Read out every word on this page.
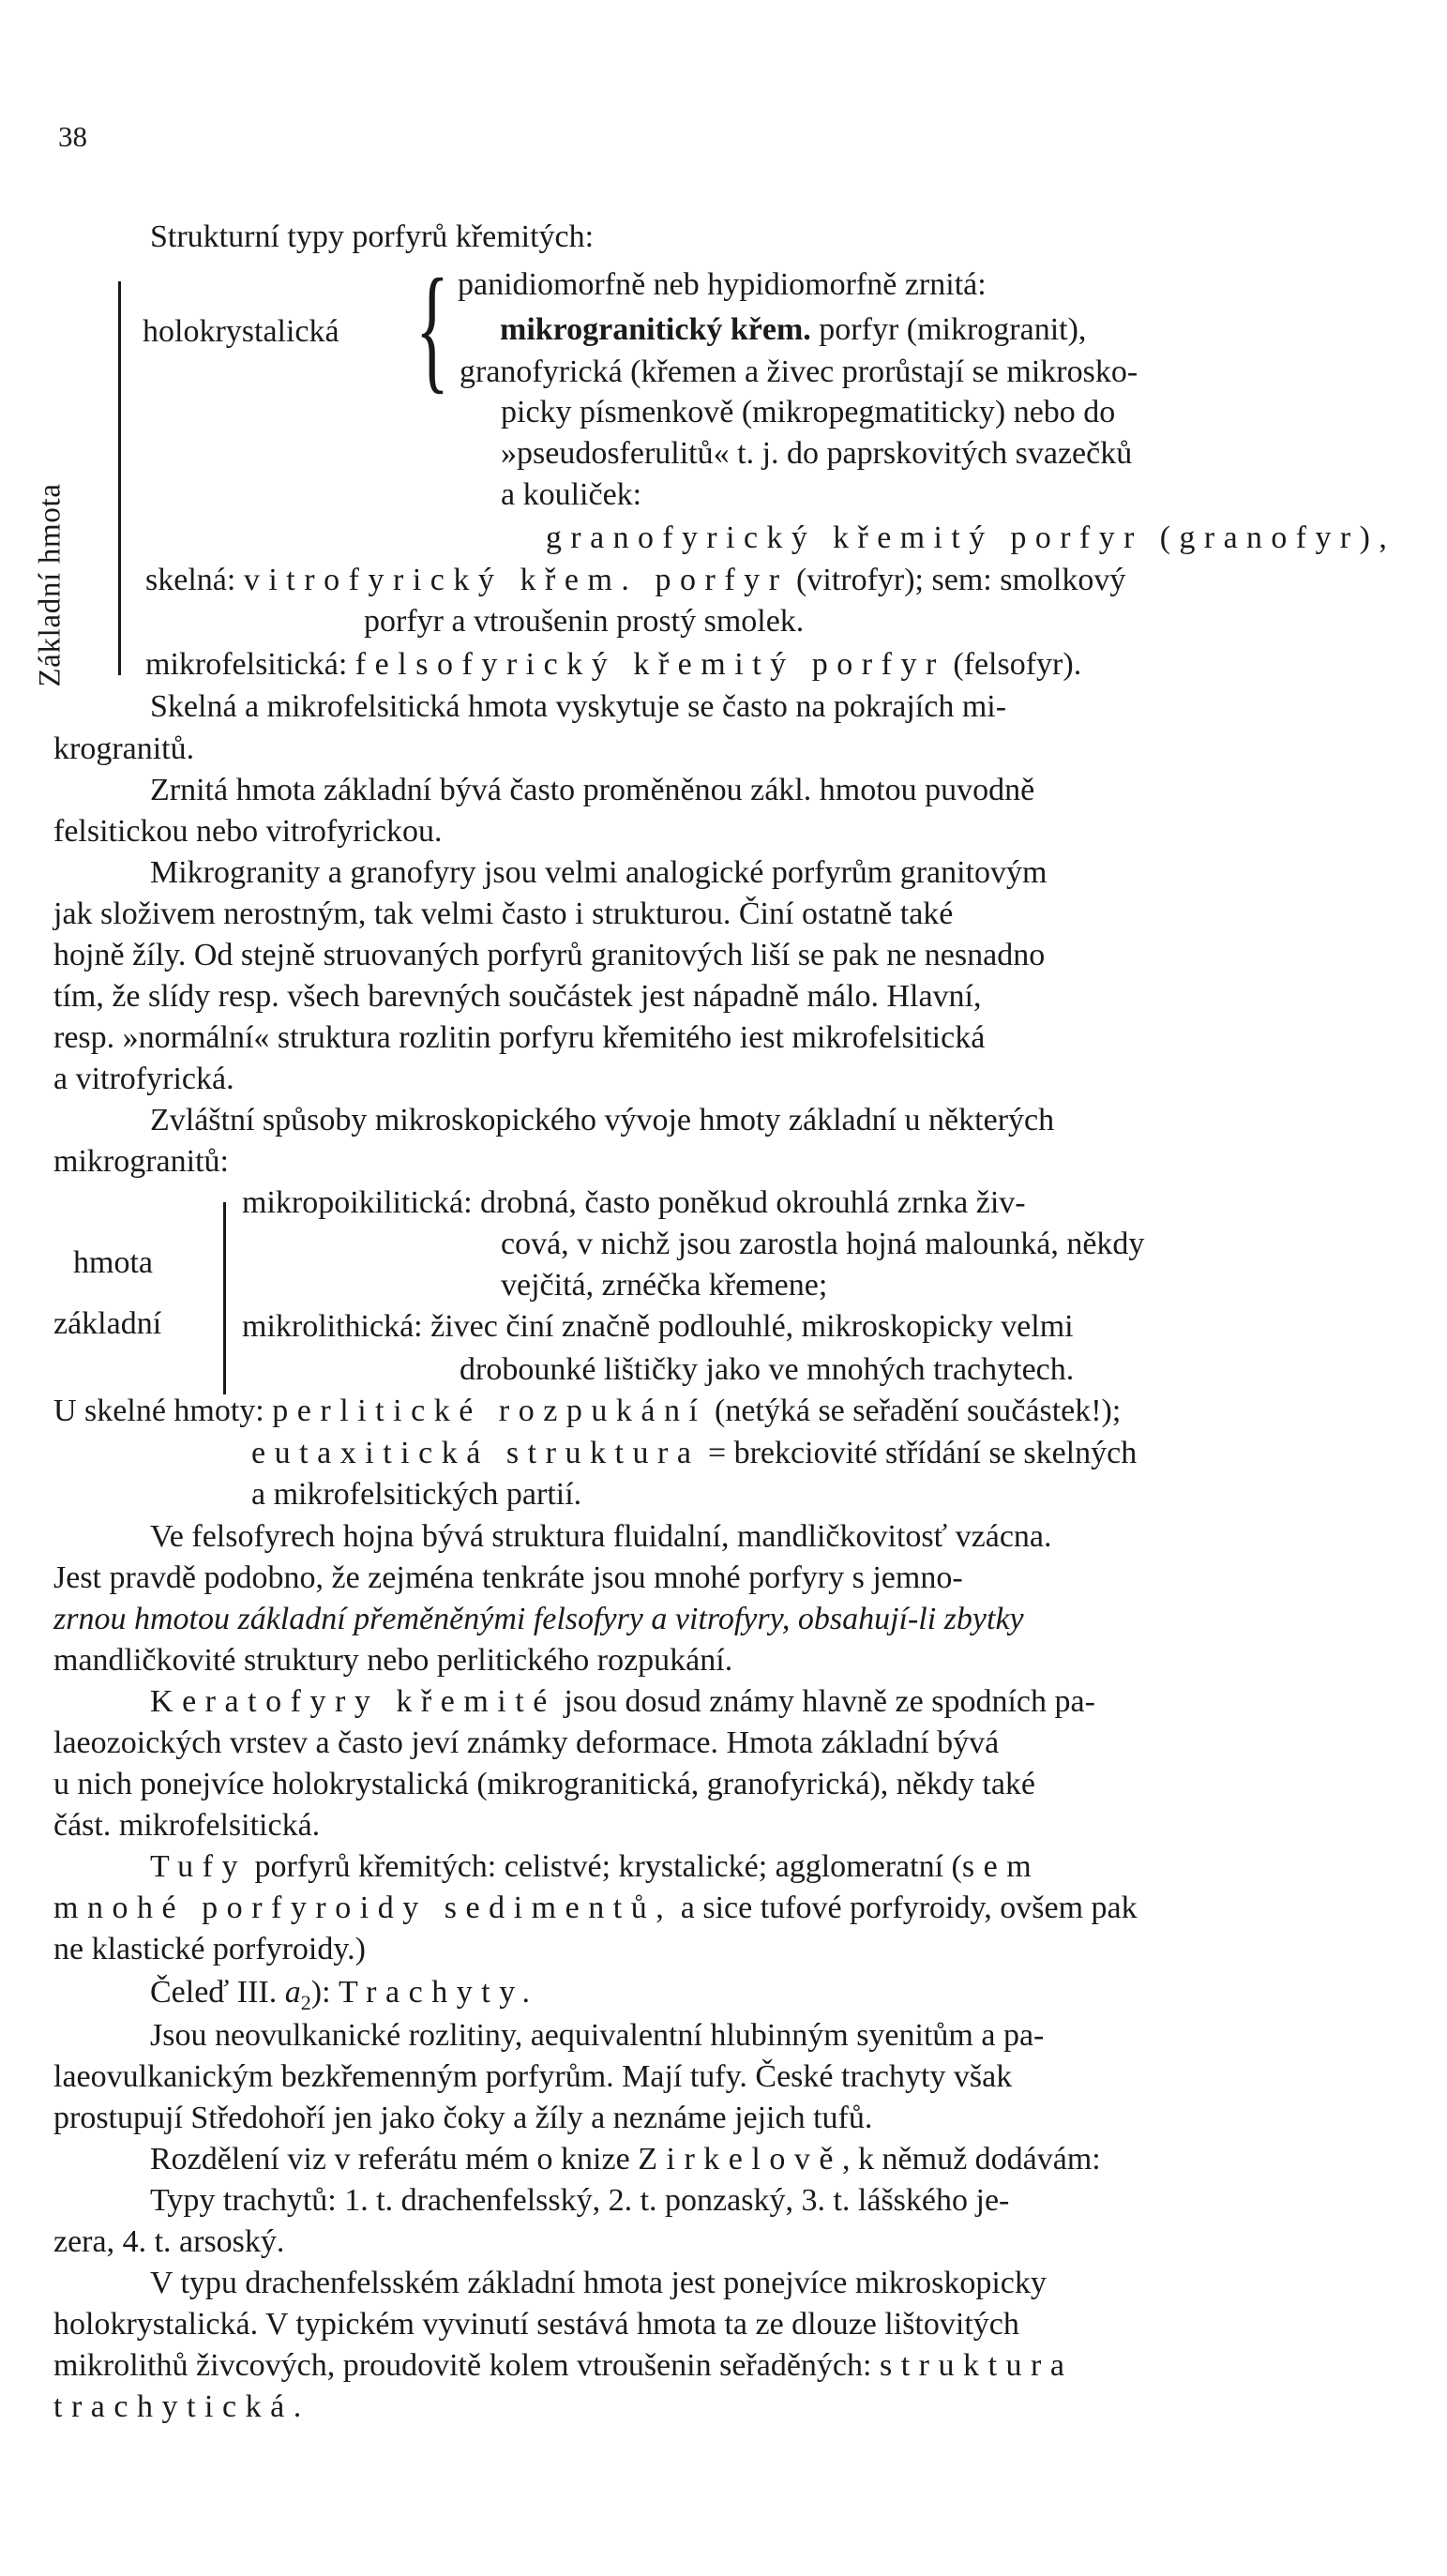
38
Strukturní typy porfyrů křemitých:
Základní hmota
holokrystalická { panidiomorfně neb hypidiomorfně zrnitá:
mikrogranitický křem. porfyr (mikrogranit),
granofyrická (křemen a živec prorůstají se mikrosko-
picky písmenkově (mikropegmatiticky) nebo do
»pseudosferulitů« t. j. do paprskovitých svazečků
a kouliček:
granofyrický křemitý porfyr (granofyr),
skelná: vitrofyrický křem. porfyr (vitrofyr); sem: smolkový
porfyr a vtroušenin prostý smolek.
mikrofelsitická: felsofyrický křemitý porfyr (felsofyr).
Skelná a mikrofelsitická hmota vyskytuje se často na pokrajích mi-
krogranitů.
Zrnitá hmota základní bývá často proměněnou zákl. hmotou puvodně
felsitickou nebo vitrofyrickou.
Mikrogranity a granofyry jsou velmi analogické porfyrům granitovým
jak složivem nerostným, tak velmi často i strukturou. Činí ostatně také
hojně žíly. Od stejně struovaných porfyrů granitových liší se pak ne nesnadno
tím, že slídy resp. všech barevných součástek jest nápadně málo. Hlavní,
resp. »normální« struktura rozlitin porfyru křemitého iest mikrofelsitická
a vitrofyrická.
Zvláštní spůsoby mikroskopického vývoje hmoty základní u některých
mikrogranitů:
hmota
základní
mikropoikilitická: drobná, často poněkud okrouhlá zrnka živ-
cová, v nichž jsou zarostla hojná malounká, někdy
vejčitá, zrnéčka křemene;
mikrolithická: živec činí značně podlouhlé, mikroskopicky velmi
drobounké lištičky jako ve mnohých trachytech.
U skelné hmoty: perlitické rozpukání (netýká se seřadění součástek!);
eutaxitická struktura = brekciovité střídání se skelných
a mikrofelsitických partií.
Ve felsofyrech hojna bývá struktura fluidalní, mandličkovitosť vzácna.
Jest pravdě podobno, že zejména tenkráte jsou mnohé porfyry s jemno-
zrnou hmotou základní přeměněnými felsofyry a vitrofyry, obsahují-li zbytky
mandličkovité struktury nebo perlitického rozpukání.
Keratofyry křemité jsou dosud známy hlavně ze spodních pa-
laeozoických vrstev a často jeví známky deformace. Hmota základní bývá
u nich ponejvíce holokrystalická (mikrogranitická, granofyrická), někdy také
část. mikrofelsitická.
Tufy porfyrů křemitých: celistvé; krystalické; agglomeratní (sem
mnohé porfyroidy sedimentů, a sice tufové porfyroidy, ovšem pak
ne klastické porfyroidy.)
Čeleď III. $a_2$): Trachyty.
Jsou neovulkanické rozlitiny, aequivalentní hlubinným syenitům a pa-
laeovulkanickým bezkřemenným porfyrům. Mají tufy. České trachyty však
prostupují Středohoří jen jako čoky a žíly a neznáme jejich tufů.
Rozdělení viz v referátu mém o knize Zirkelově, k němuž dodávám:
Typy trachytů: 1. t. drachenfelsský, 2. t. ponzaský, 3. t. lášského je-
zera, 4. t. arsoský.
V typu drachenfelsském základní hmota jest ponejvíce mikroskopicky
holokrystalická. V typickém vyvinutí sestává hmota ta ze dlouze lištovitých
mikrolithů živcových, proudovitě kolem vtroušenin seřaděných: struktura
trachytická.
